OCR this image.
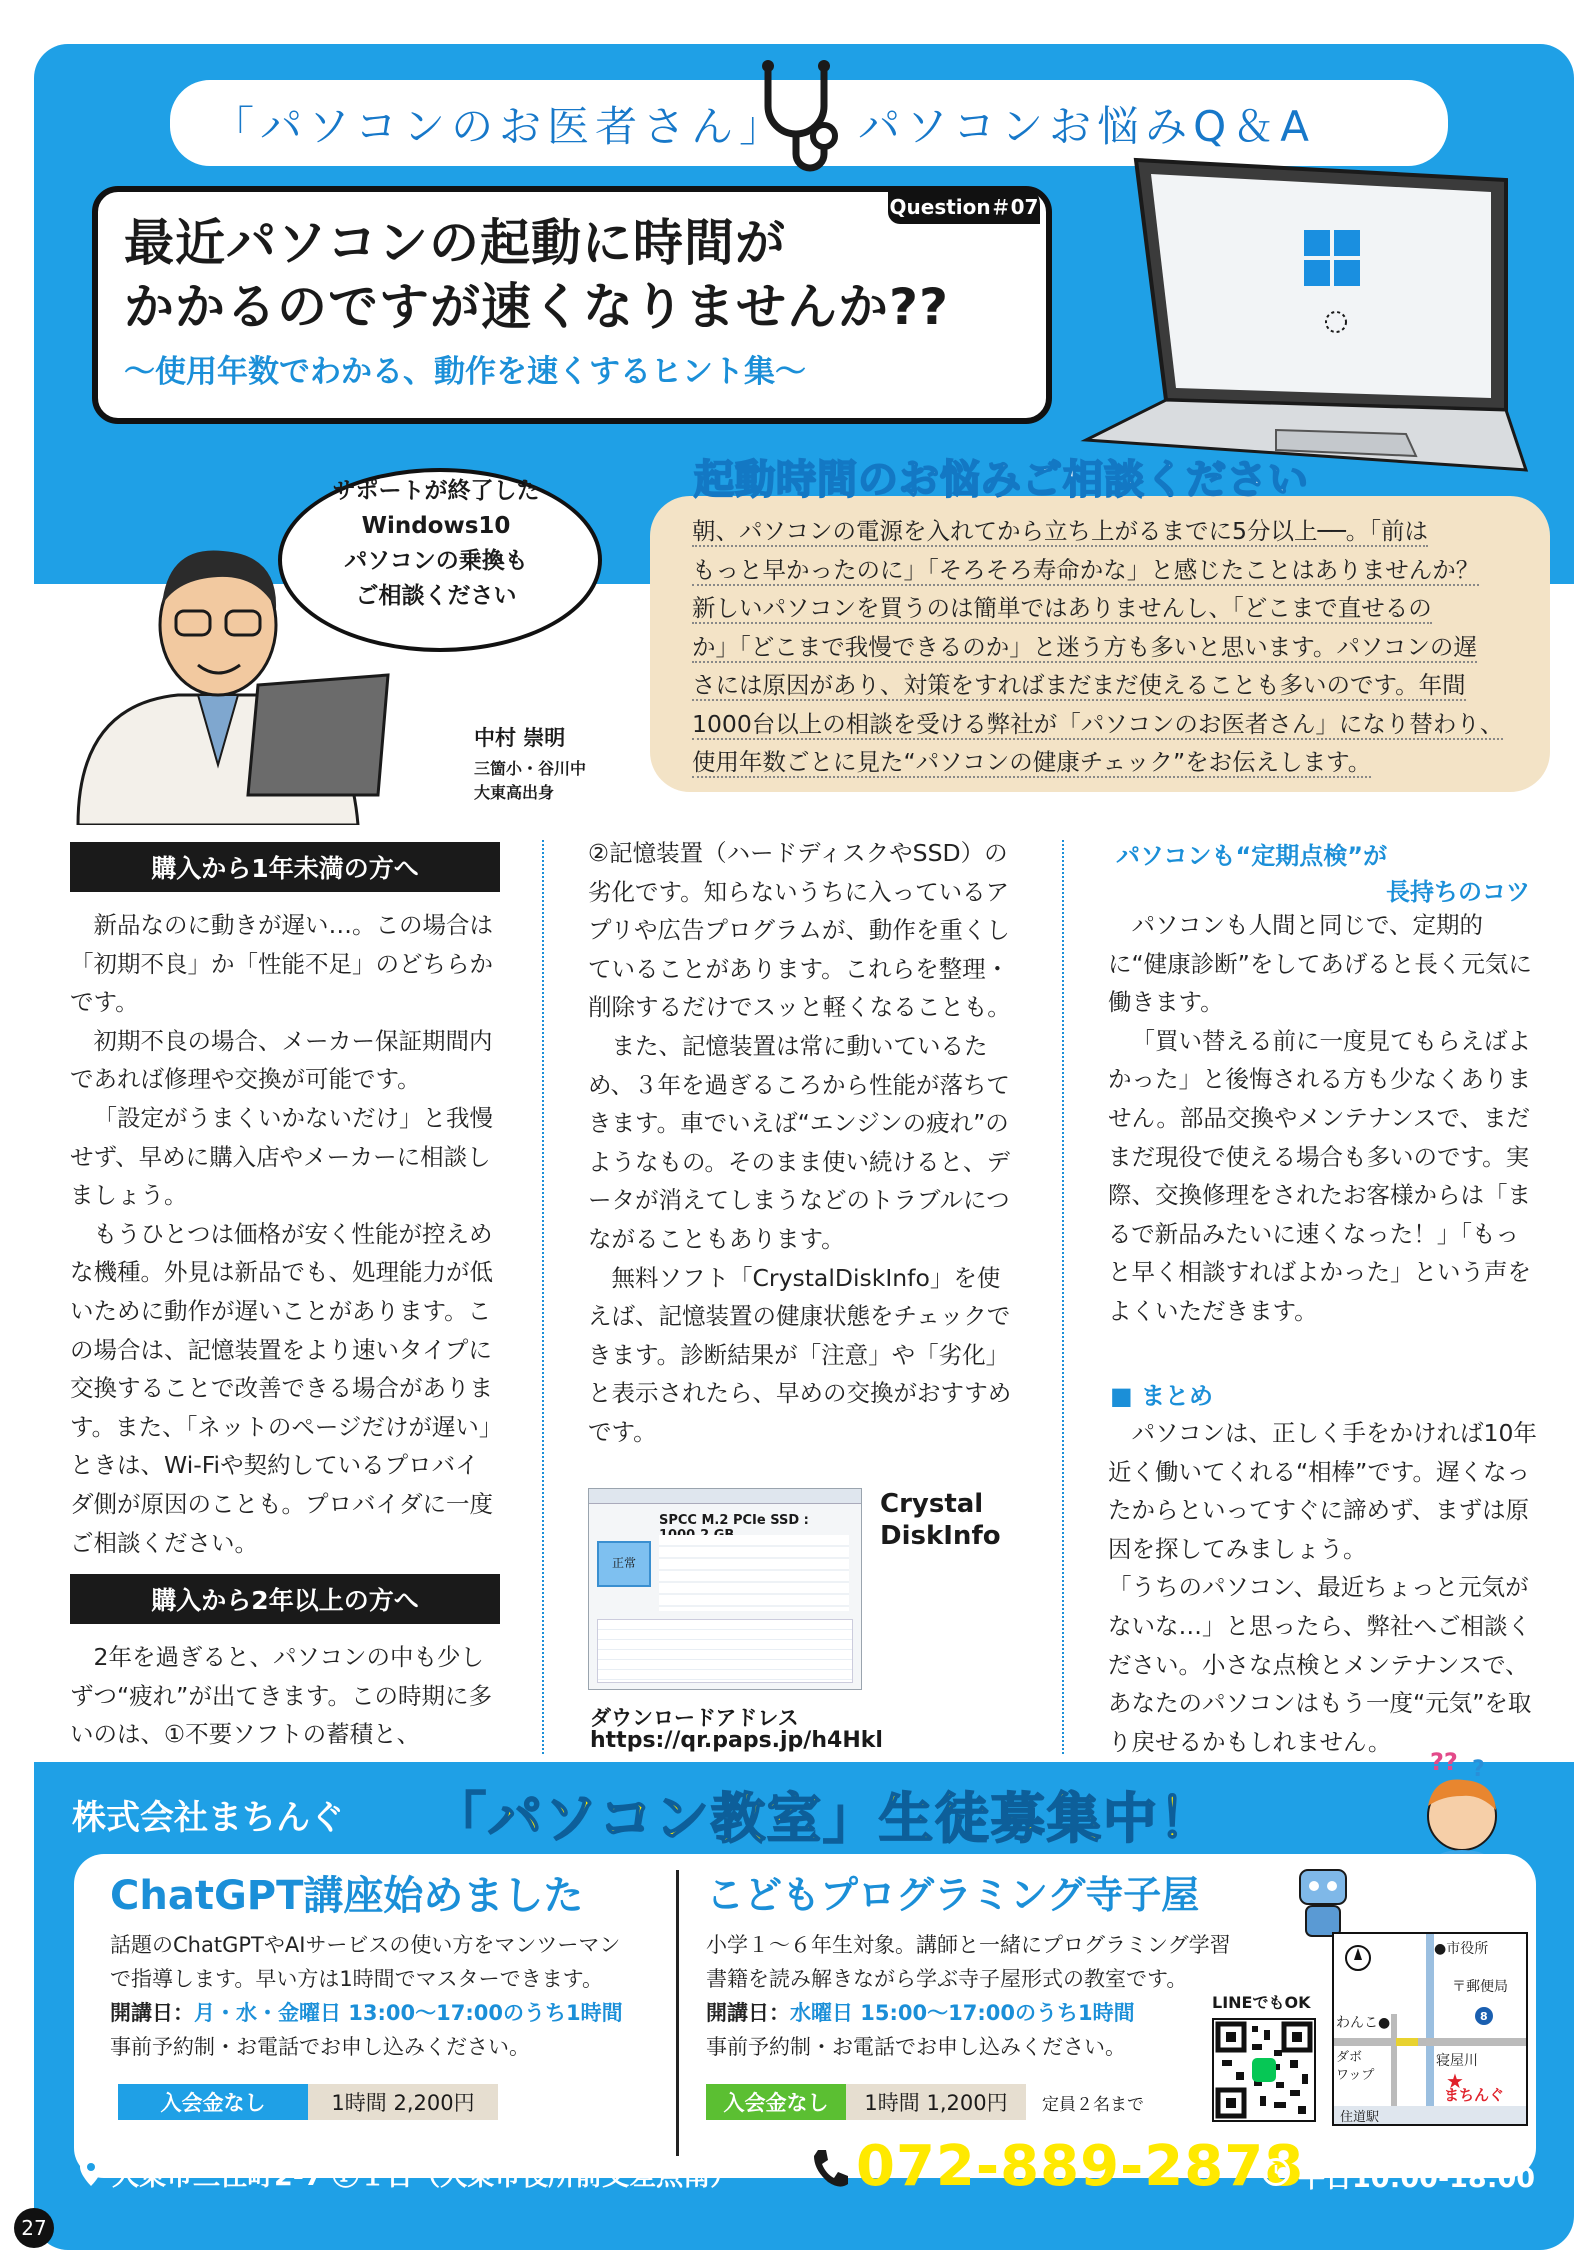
「パソコンのお医者さん」 パソコンお悩みQ＆A
Question＃07
最近パソコンの起動に時間が
かかるのですが速くなりませんか??
〜使用年数でわかる、動作を速くするヒント集〜
サポートが終了した
Windows10
パソコンの乗換も
ご相談ください
中村 崇明
三箇小・谷川中
大東高出身
起動時間のお悩みご相談ください
朝、パソコンの電源を入れてから立ち上がるまでに5分以上──。「前は
もっと早かったのに」「そろそろ寿命かな」と感じたことはありませんか？
新しいパソコンを買うのは簡単ではありませんし、「どこまで直せるの
か」「どこまで我慢できるのか」と迷う方も多いと思います。パソコンの遅
さには原因があり、対策をすればまだまだ使えることも多いのです。年間
1000台以上の相談を受ける弊社が「パソコンのお医者さん」になり替わり、
使用年数ごとに見た“パソコンの健康チェック”をお伝えします。
購入から1年未満の方へ

新品なのに動きが遅い…。この場合は「初期不良」か「性能不足」のどちらかです。

初期不良の場合、メーカー保証期間内であれば修理や交換が可能です。

「設定がうまくいかないだけ」と我慢せず、早めに購入店やメーカーに相談しましょう。

もうひとつは価格が安く性能が控えめな機種。外見は新品でも、処理能力が低いために動作が遅いことがあります。この場合は、記憶装置をより速いタイプに交換することで改善できる場合があります。また、「ネットのページだけが遅い」ときは、Wi-Fiや契約しているプロバイダ側が原因のことも。プロバイダに一度ご相談ください。

購入から2年以上の方へ

2年を過ぎると、パソコンの中も少しずつ“疲れ”が出てきます。この時期に多いのは、①不要ソフトの蓄積と、

②記憶装置（ハードディスクやSSD）の劣化です。知らないうちに入っているアプリや広告プログラムが、動作を重くしていることがあります。これらを整理・削除するだけでスッと軽くなることも。

また、記憶装置は常に動いているため、３年を過ぎるころから性能が落ちてきます。車でいえば“エンジンの疲れ”のようなもの。そのまま使い続けると、データが消えてしまうなどのトラブルにつながることもあります。

無料ソフト「CrystalDiskInfo」を使えば、記憶装置の健康状態をチェックできます。診断結果が「注意」や「劣化」と表示されたら、早めの交換がおすすめです。

SPCC M.2 PCIe SSD :
正常
Crystal
DiskInfo
ダウンロードアドレス
https://qr.paps.jp/h4Hkl
パソコンも“定期点検”が
長持ちのコツ

パソコンも人間と同じで、定期的に“健康診断”をしてあげると長く元気に働きます。

「買い替える前に一度見てもらえばよかった」と後悔される方も少なくありません。部品交換やメンテナンスで、まだまだ現役で使える場合も多いのです。実際、交換修理をされたお客様からは「まるで新品みたいに速くなった！」「もっと早く相談すればよかった」という声をよくいただきます。

■ まとめ

パソコンは、正しく手をかければ10年近く働いてくれる“相棒”です。遅くなったからといってすぐに諦めず、まずは原因を探してみましょう。

「うちのパソコン、最近ちょっと元気がないな…」と思ったら、弊社へご相談ください。小さな点検とメンテナンスで、あなたのパソコンはもう一度“元気”を取り戻せるかもしれません。

株式会社まちんぐ 「パソコン教室」生徒募集中！
?? ?
ChatGPT講座始めました
話題のChatGPTやAIサービスの使い方をマンツーマン
で指導します。早い方は1時間でマスターできます。
開講日：月・水・金曜日 13:00〜17:00のうち1時間
事前予約制・お電話でお申し込みください。
入会金なし	1時間 2,200円
こどもプログラミング寺子屋
小学１〜６年生対象。講師と一緒にプログラミング学習
書籍を読み解きながら学ぶ寺子屋形式の教室です。
開講日：水曜日 15:00〜17:00のうち1時間
事前予約制・お電話でお申し込みください。
入会金なし	1時間 1,200円	定員２名まで
LINEでもOK
8
★
●市役所
〒郵便局
わんこ●
ダボ
ワップ
寝屋川
まちんぐ
住道駅
大東市三住町2-7 Ⓟ１台（大東市役所前交差点南） 072-889-2878
平日10:00-18:00
27
